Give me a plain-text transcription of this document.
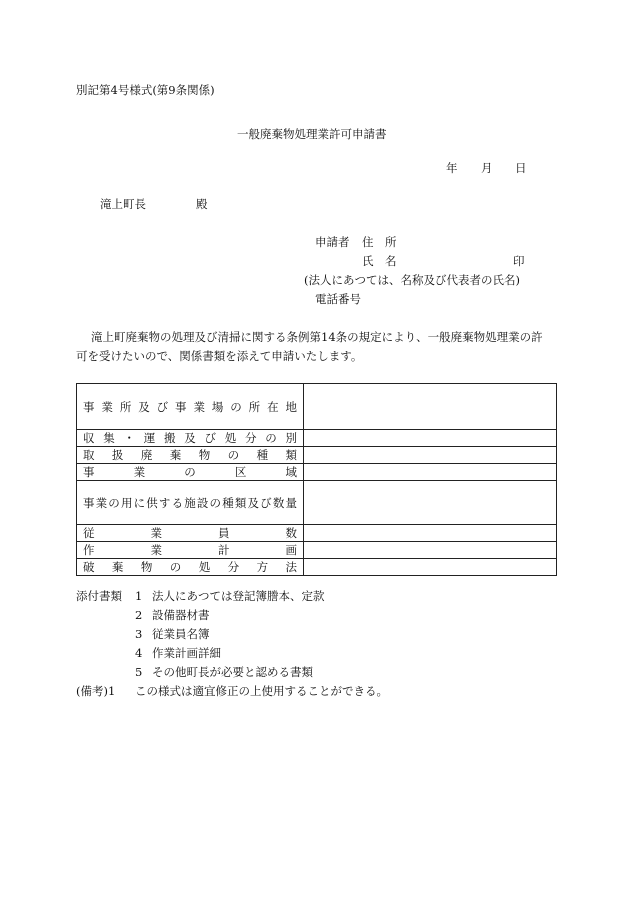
別記第4号様式(第9条関係)
一般廃棄物処理業許可申請書
年 月 日
滝上町長	殿
申請者 住　所
氏　名	印
(法人にあつては、名称及び代表者の氏名)
電話番号
滝上町廃棄物の処理及び清掃に関する条例第14条の規定により、一般廃棄物処理業の許
可を受けたいので、関係書類を添えて申請いたします。
事業所及び事業場の所在地	

収集・運搬及び処分の別	

取扱廃棄物の種類	

事業の区域	

事業の用に供する施設の種類及び数量	

従業員数	

作業計画	

破棄物の処分方法	

添付書類 1 法人にあつては登記簿謄本、定款
2 設備器材書
3 従業員名簿
4 作業計画詳細
5 その他町長が必要と認める書類
(備考)1 この様式は適宜修正の上使用することができる。
